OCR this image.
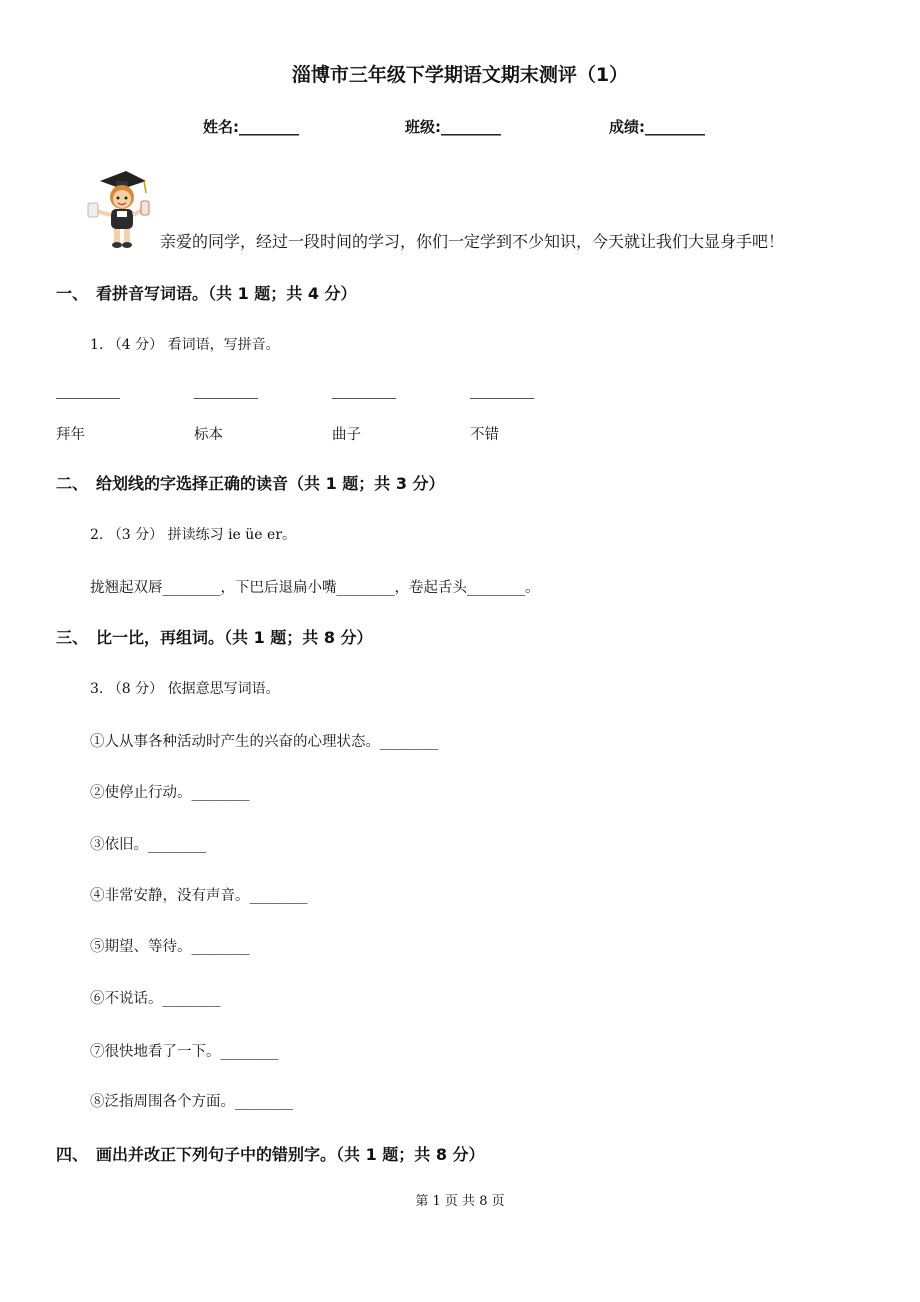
淄博市三年级下学期语文期末测评（1）
姓名:________	班级:________	成绩:________
亲爱的同学，经过一段时间的学习，你们一定学到不少知识，今天就让我们大显身手吧！
一、　看拼音写词语。（共 1 题；共 4 分）
1. （4 分） 看词语，写拼音。
拜年	标本	曲子	不错
二、　给划线的字选择正确的读音（共 1 题；共 3 分）
2. （3 分） 拼读练习 ie üe er。
拢翘起双唇________，下巴后退扁小嘴________，卷起舌头________。
三、　比一比，再组词。（共 1 题；共 8 分）
3. （8 分） 依据意思写词语。
①人从事各种活动时产生的兴奋的心理状态。________
②使停止行动。________
③依旧。________
④非常安静，没有声音。________
⑤期望、等待。________
⑥不说话。________
⑦很快地看了一下。________
⑧泛指周围各个方面。________
四、　画出并改正下列句子中的错别字。（共 1 题；共 8 分）
第 1 页 共 8 页
